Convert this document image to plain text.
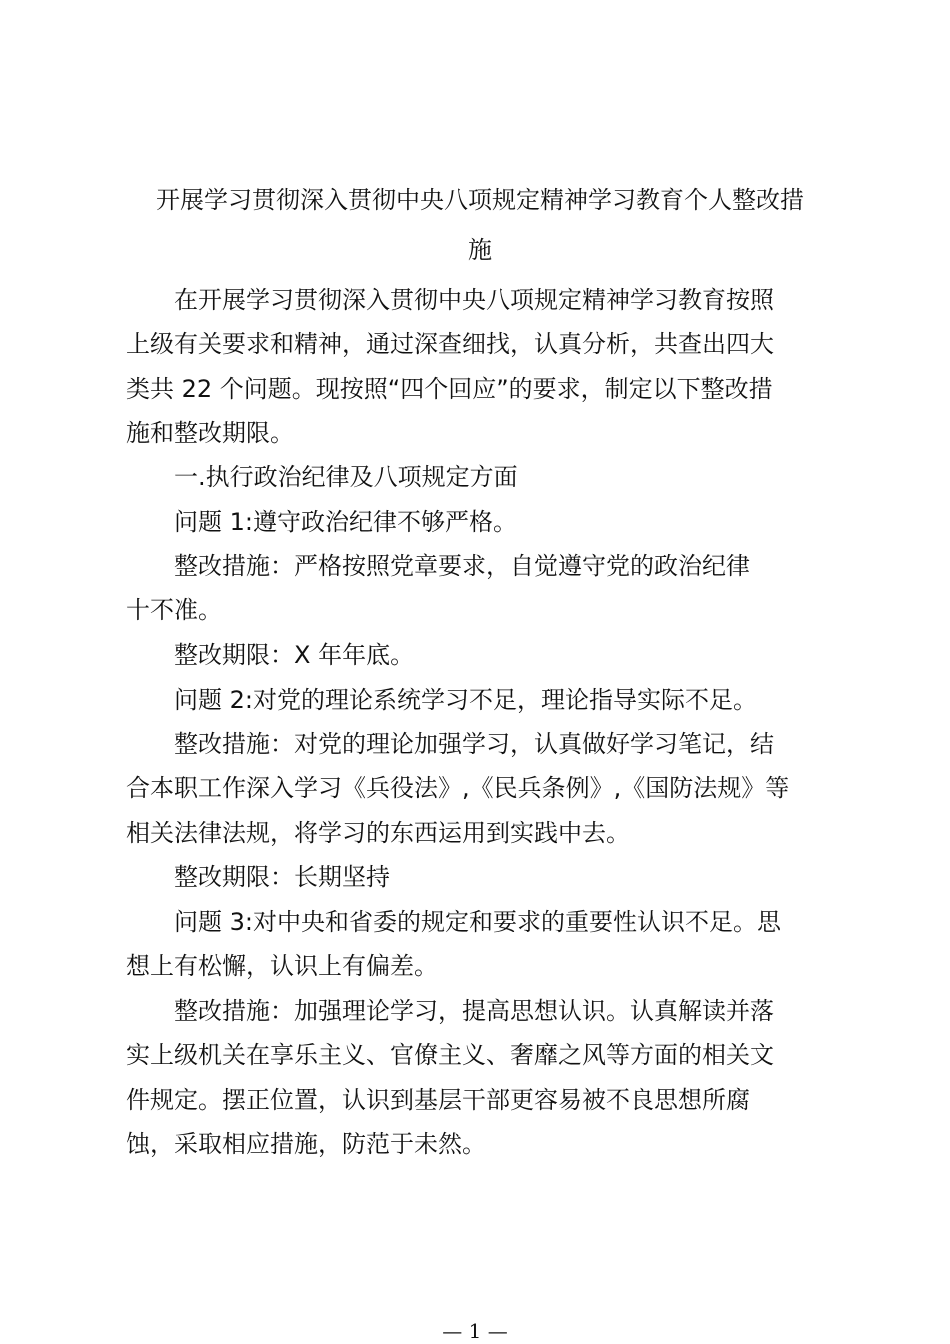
开展学习贯彻深入贯彻中央八项规定精神学习教育个人整改措
施

在开展学习贯彻深入贯彻中央八项规定精神学习教育按照
上级有关要求和精神，通过深查细找，认真分析，共查出四大
类共 22 个问题。现按照“四个回应”的要求，制定以下整改措
施和整改期限。

一.执行政治纪律及八项规定方面

问题 1:遵守政治纪律不够严格。

整改措施：严格按照党章要求，自觉遵守党的政治纪律
十不准。

整改期限：X 年年底。

问题 2:对党的理论系统学习不足，理论指导实际不足。

整改措施：对党的理论加强学习，认真做好学习笔记，结
合本职工作深入学习《兵役法》,《民兵条例》,《国防法规》等
相关法律法规，将学习的东西运用到实践中去。

整改期限：长期坚持

问题 3:对中央和省委的规定和要求的重要性认识不足。思
想上有松懈，认识上有偏差。

整改措施：加强理论学习，提高思想认识。认真解读并落
实上级机关在享乐主义、官僚主义、奢靡之风等方面的相关文
件规定。摆正位置，认识到基层干部更容易被不良思想所腐
蚀，采取相应措施，防范于未然。

— 1 —
